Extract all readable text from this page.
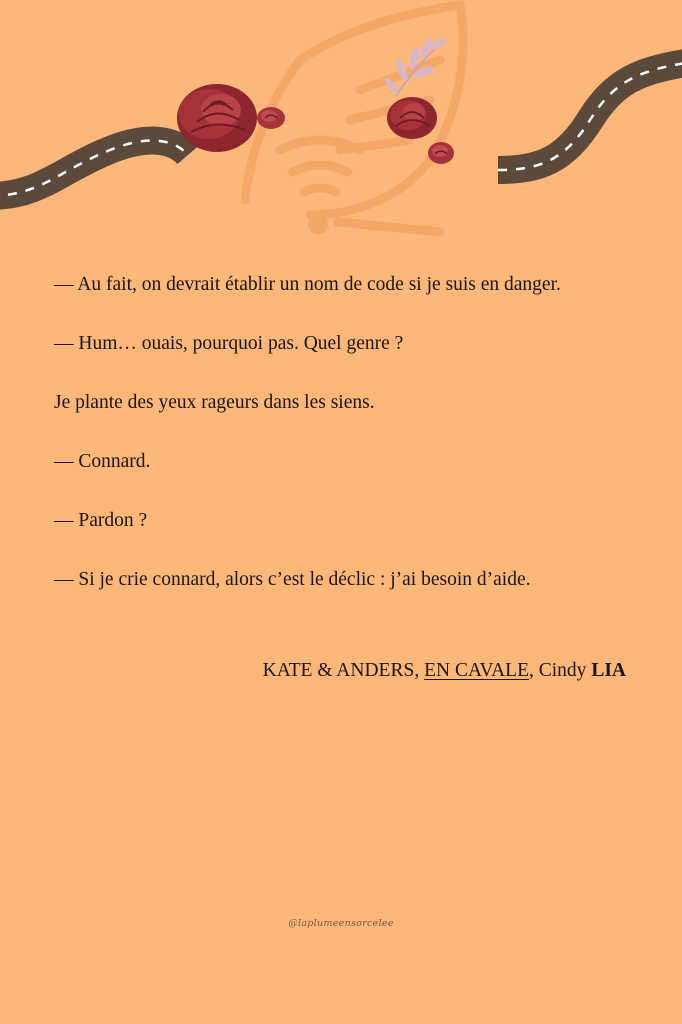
— Au fait, on devrait établir un nom de code si je suis en danger.

— Hum… ouais, pourquoi pas. Quel genre ?

Je plante des yeux rageurs dans les siens.

— Connard.

— Pardon ?

— Si je crie connard, alors c’est le déclic : j’ai besoin d’aide.

KATE & ANDERS, EN CAVALE, Cindy LIA
@laplumeensorcelee
